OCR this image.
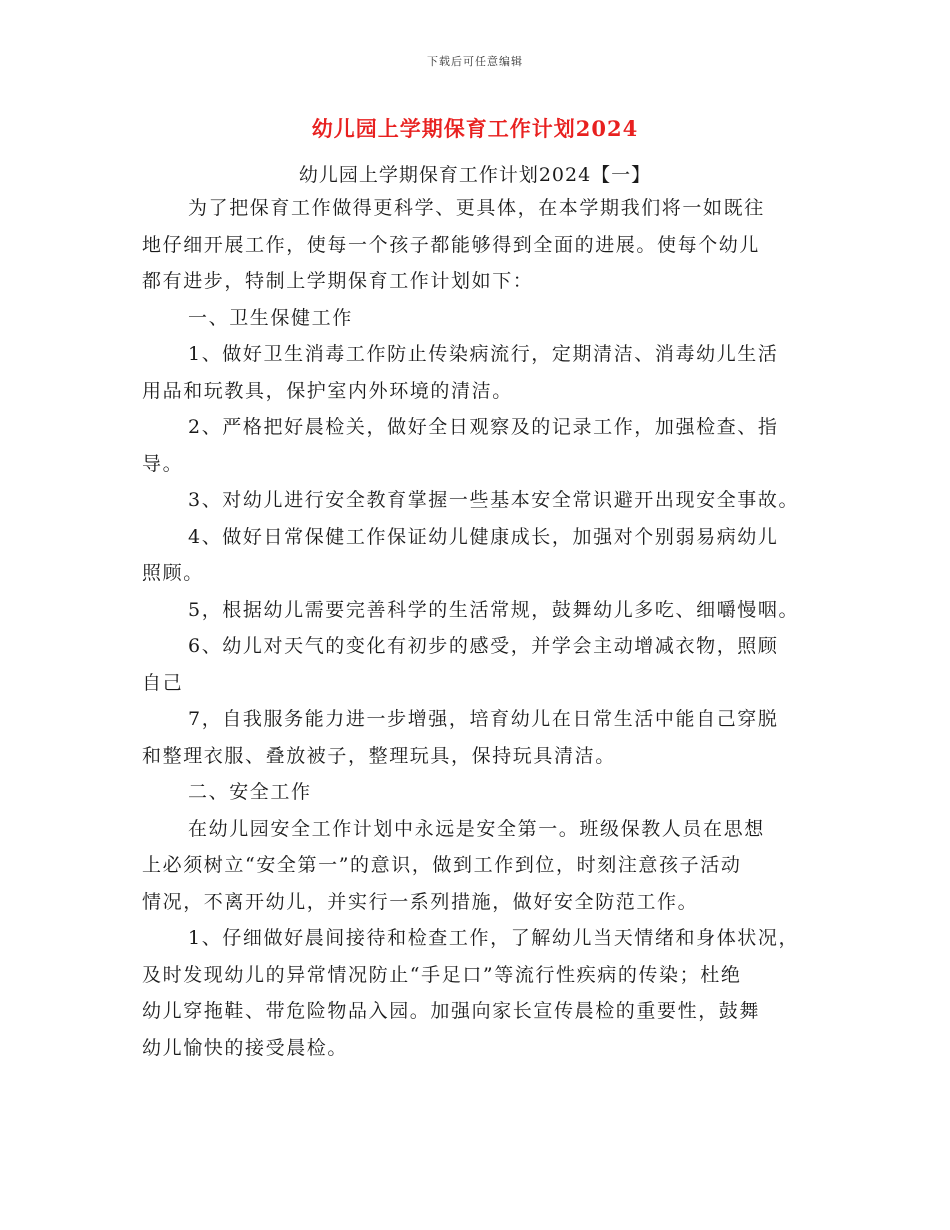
下载后可任意编辑
幼儿园上学期保育工作计划2024
幼儿园上学期保育工作计划2024【一】

为了把保育工作做得更科学、更具体，在本学期我们将一如既往
地仔细开展工作，使每一个孩子都能够得到全面的进展。使每个幼儿
都有进步，特制上学期保育工作计划如下：

一、卫生保健工作

1、做好卫生消毒工作防止传染病流行，定期清洁、消毒幼儿生活
用品和玩教具，保护室内外环境的清洁。

2、严格把好晨检关，做好全日观察及的记录工作，加强检查、指
导。

3、对幼儿进行安全教育掌握一些基本安全常识避开出现安全事故。

4、做好日常保健工作保证幼儿健康成长，加强对个别弱易病幼儿
照顾。

5，根据幼儿需要完善科学的生活常规，鼓舞幼儿多吃、细嚼慢咽。

6、幼儿对天气的变化有初步的感受，并学会主动增减衣物，照顾
自己

7，自我服务能力进一步增强，培育幼儿在日常生活中能自己穿脱
和整理衣服、叠放被子，整理玩具，保持玩具清洁。

二、安全工作

在幼儿园安全工作计划中永远是安全第一。班级保教人员在思想
上必须树立“安全第一”的意识，做到工作到位，时刻注意孩子活动
情况，不离开幼儿，并实行一系列措施，做好安全防范工作。

1、仔细做好晨间接待和检查工作，了解幼儿当天情绪和身体状况，
及时发现幼儿的异常情况防止“手足口”等流行性疾病的传染；杜绝
幼儿穿拖鞋、带危险物品入园。加强向家长宣传晨检的重要性，鼓舞
幼儿愉快的接受晨检。
